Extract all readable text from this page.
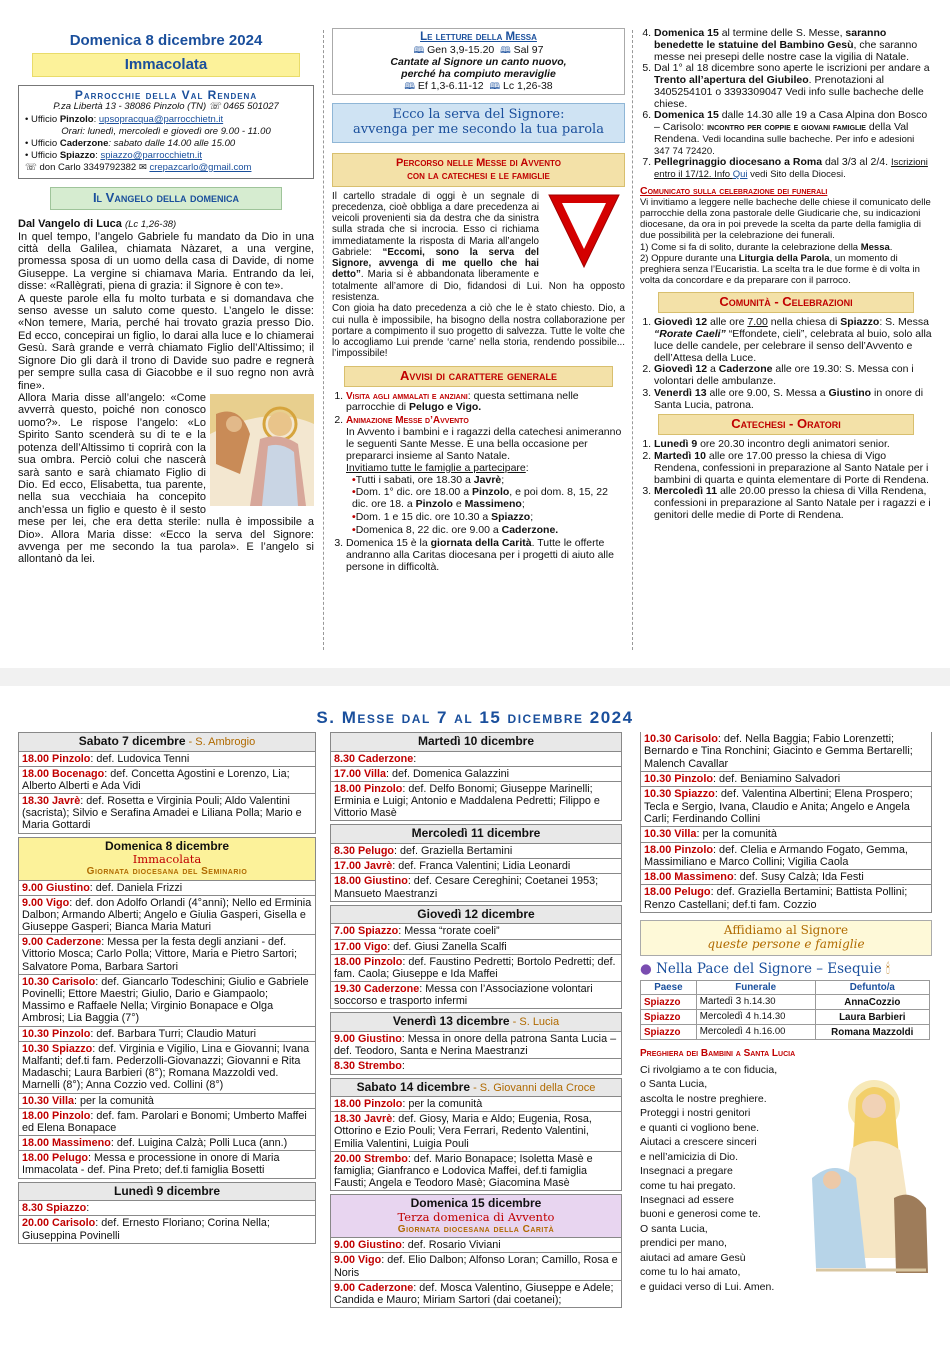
Domenica 8 dicembre 2024
Immacolata
Parrocchie della Val Rendena
P.za Libertà 13 - 38086 Pinzolo (TN) ☏ 0465 501027
• Ufficio Pinzolo: upsopracqua@parrocchietn.it
Orari: lunedì, mercoledì e giovedì ore 9.00 - 11.00
• Ufficio Caderzone: sabato dalle 14.00 alle 15.00
• Ufficio Spiazzo: spiazzo@parrocchietn.it
☏ don Carlo 3349792382 ✉ crepazcarlo@gmail.com
Il Vangelo della domenica
Dal Vangelo di Luca (Lc 1,26-38)

In quel tempo, l’angelo Gabriele fu mandato da Dio in una città della Galilea, chiamata Nàzaret, a una vergine, promessa sposa di un uomo della casa di Davide, di nome Giuseppe. La vergine si chiamava Maria. Entrando da lei, disse: «Rallègrati, piena di grazia: il Signore è con te».

A queste parole ella fu molto turbata e si domandava che senso avesse un saluto come questo. L’angelo le disse: «Non temere, Maria, perché hai trovato grazia presso Dio. Ed ecco, concepirai un figlio, lo darai alla luce e lo chiamerai Gesù. Sarà grande e verrà chiamato Figlio dell’Altissimo; il Signore Dio gli darà il trono di Davide suo padre e regnerà per sempre sulla casa di Giacobbe e il suo regno non avrà fine».

Allora Maria disse all’angelo: «Come avverrà questo, poiché non conosco uomo?». Le rispose l’angelo: «Lo Spirito Santo scenderà su di te e la potenza dell’Altissimo ti coprirà con la sua ombra. Perciò colui che nascerà sarà santo e sarà chiamato Figlio di Dio. Ed ecco, Elisabetta, tua parente, nella sua vecchiaia ha concepito anch’essa un figlio e questo è il sesto mese per lei, che era detta sterile: nulla è impossibile a Dio». Allora Maria disse: «Ecco la serva del Signore: avvenga per me secondo la tua parola». E l’angelo si allontanò da lei.

Le letture della Messa
🕮 Gen 3,9-15.20 🕮 Sal 97
Cantate al Signore un canto nuovo,
perché ha compiuto meraviglie
🕮 Ef 1,3-6.11-12 🕮 Lc 1,26-38
Ecco la serva del Signore:
avvenga per me secondo la tua parola
Percorso nelle Messe di Avvento
con la catechesi e le famiglie
Il cartello stradale di oggi è un segnale di precedenza, cioè obbliga a dare precedenza ai veicoli provenienti sia da destra che da sinistra sulla strada che si incrocia. Esso ci richiama immediatamente la risposta di Maria all’angelo Gabriele: “Eccomi, sono la serva del Signore, avvenga di me quello che hai detto”. Maria si è abbandonata liberamente e totalmente all’amore di Dio, fidandosi di Lui. Non ha opposto resistenza.
Con gioia ha dato precedenza a ciò che le è stato chiesto. Dio, a cui nulla è impossibile, ha bisogno della nostra collaborazione per portare a compimento il suo progetto di salvezza. Tutte le volte che lo accogliamo Lui prende ‘carne’ nella storia, rendendo possibile... l’impossibile!
Avvisi di carattere generale
1. Visita agli ammalati e anziani: questa settimana nelle parrocchie di Pelugo e Vigo.
2. Animazione Messe d’Avvento
In Avvento i bambini e i ragazzi della catechesi animeranno le seguenti Sante Messe. È una bella occasione per prepararci insieme al Santo Natale.
Invitiamo tutte le famiglie a partecipare:
• Tutti i sabati, ore 18.30 a Javrè;
• Dom. 1° dic. ore 18.00 a Pinzolo, e poi dom. 8, 15, 22 dic. ore 18. a Pinzolo e Massimeno;
• Dom. 1 e 15 dic. ore 10.30 a Spiazzo;
• Domenica 8, 22 dic. ore 9.00 a Caderzone.
3. Domenica 15 è la giornata della Carità. Tutte le offerte andranno alla Caritas diocesana per i progetti di aiuto alle persone in difficoltà.
4. Domenica 15 al termine delle S. Messe, saranno benedette le statuine del Bambino Gesù, che saranno messe nei presepi delle nostre case la vigilia di Natale.
5. Dal 1° al 18 dicembre sono aperte le iscrizioni per andare a Trento all’apertura del Giubileo. Prenotazioni al 3405254101 o 3393309047 Vedi info sulle bacheche delle chiese.
6. Domenica 15 dalle 14.30 alle 19 a Casa Alpina don Bosco – Carisolo: incontro per coppie e giovani famiglie della Val Rendena. Vedi locandina sulle bacheche. Per info e adesioni 347 74 72420.
7. Pellegrinaggio diocesano a Roma dal 3/3 al 2/4. Iscrizioni entro il 17/12. Info Qui vedi Sito della Diocesi.
Comunicato sulla celebrazione dei funerali

Vi invitiamo a leggere nelle bacheche delle chiese il comunicato delle parrocchie della zona pastorale delle Giudicarie che, su indicazioni diocesane, da ora in poi prevede la scelta da parte della famiglia di due possibilità per la celebrazione dei funerali.

1) Come si fa di solito, durante la celebrazione della Messa.

2) Oppure durante una Liturgia della Parola, un momento di preghiera senza l’Eucaristia. La scelta tra le due forme è di volta in volta da concordare e da preparare con il parroco.

Comunità - Celebrazioni
1. Giovedì 12 alle ore 7.00 nella chiesa di Spiazzo: S. Messa “Rorate Caeli” “Effondete, cieli”, celebrata al buio, solo alla luce delle candele, per celebrare il senso dell’Avvento e dell’Attesa della Luce.
2. Giovedì 12 a Caderzone alle ore 19.30: S. Messa con i volontari delle ambulanze.
3. Venerdì 13 alle ore 9.00, S. Messa a Giustino in onore di Santa Lucia, patrona.
Catechesi - Oratori
1. Lunedì 9 ore 20.30 incontro degli animatori senior.
2. Martedì 10 alle ore 17.00 presso la chiesa di Vigo Rendena, confessioni in preparazione al Santo Natale per i bambini di quarta e quinta elementare di Porte di Rendena.
3. Mercoledì 11 alle 20.00 presso la chiesa di Villa Rendena, confessioni in preparazione al Santo Natale per i ragazzi e i genitori delle medie di Porte di Rendena.
S. Messe dal 7 al 15 dicembre 2024
Sabato 7 dicembre - S. Ambrogio
18.00 Pinzolo: def. Ludovica Tenni
18.00 Bocenago: def. Concetta Agostini e Lorenzo, Lia; Alberto Alberti e Ada Vidi
18.30 Javrè: def. Rosetta e Virginia Pouli; Aldo Valentini (sacrista); Silvio e Serafina Amadei e Liliana Polla; Mario e Maria Gottardi
Domenica 8 dicembre
Immacolata
Giornata diocesana del Seminario
9.00 Giustino: def. Daniela Frizzi
9.00 Vigo: def. don Adolfo Orlandi (4°anni); Nello ed Erminia Dalbon; Armando Alberti; Angelo e Giulia Gasperi, Gisella e Giuseppe Gasperi; Bianca Maria Maturi
9.00 Caderzone: Messa per la festa degli anziani - def. Vittorio Mosca; Carlo Polla; Vittore, Maria e Pietro Sartori; Salvatore Poma, Barbara Sartori
10.30 Carisolo: def. Giancarlo Todeschini; Giulio e Gabriele Povinelli; Ettore Maestri; Giulio, Dario e Giampaolo; Massimo e Raffaele Nella; Virginio Bonapace e Olga Ambrosi; Lia Baggia (7°)
10.30 Pinzolo: def. Barbara Turri; Claudio Maturi
10.30 Spiazzo: def. Virginia e Vigilio, Lina e Giovanni; Ivana Malfanti; def.ti fam. Pederzolli-Giovanazzi; Giovanni e Rita Madaschi; Laura Barbieri (8°); Romana Mazzoldi ved. Marnelli (8°); Anna Cozzio ved. Collini (8°)
10.30 Villa: per la comunità
18.00 Pinzolo: def. fam. Parolari e Bonomi; Umberto Maffei ed Elena Bonapace
18.00 Massimeno: def. Luigina Calzà; Polli Luca (ann.)
18.00 Pelugo: Messa e processione in onore di Maria Immacolata - def. Pina Preto; def.ti famiglia Bosetti
Lunedì 9 dicembre
8.30 Spiazzo:
20.00 Carisolo: def. Ernesto Floriano; Corina Nella; Giuseppina Povinelli
Martedì 10 dicembre
8.30 Caderzone:
17.00 Villa: def. Domenica Galazzini
18.00 Pinzolo: def. Delfo Bonomi; Giuseppe Marinelli; Erminia e Luigi; Antonio e Maddalena Pedretti; Filippo e Vittorio Masè
Mercoledì 11 dicembre
8.30 Pelugo: def. Graziella Bertamini
17.00 Javrè: def. Franca Valentini; Lidia Leonardi
18.00 Giustino: def. Cesare Cereghini; Coetanei 1953; Mansueto Maestranzi
Giovedì 12 dicembre
7.00 Spiazzo: Messa “rorate coeli”
17.00 Vigo: def. Giusi Zanella Scalfi
18.00 Pinzolo: def. Faustino Pedretti; Bortolo Pedretti; def. fam. Caola; Giuseppe e Ida Maffei
19.30 Caderzone: Messa con l’Associazione volontari soccorso e trasporto infermi
Venerdì 13 dicembre - S. Lucia
9.00 Giustino: Messa in onore della patrona Santa Lucia – def. Teodoro, Santa e Nerina Maestranzi
8.30 Strembo:
Sabato 14 dicembre - S. Giovanni della Croce
18.00 Pinzolo: per la comunità
18.30 Javrè: def. Giosy, Maria e Aldo; Eugenia, Rosa, Ottorino e Ezio Pouli; Vera Ferrari, Redento Valentini, Emilia Valentini, Luigia Pouli
20.00 Strembo: def. Mario Bonapace; Isoletta Masè e famiglia; Gianfranco e Lodovica Maffei, def.ti famiglia Fausti; Angela e Teodoro Masè; Giacomina Masè
Domenica 15 dicembre
Terza domenica di Avvento
Giornata diocesana della Carità
9.00 Giustino: def. Rosario Viviani
9.00 Vigo: def. Elio Dalbon; Alfonso Loran; Camillo, Rosa e Noris
9.00 Caderzone: def. Mosca Valentino, Giuseppe e Adele; Candida e Mauro; Miriam Sartori (dai coetanei);
10.30 Carisolo: def. Nella Baggia; Fabio Lorenzetti; Bernardo e Tina Ronchini; Giacinto e Gemma Bertarelli; Malench Cavallar
10.30 Pinzolo: def. Beniamino Salvadori
10.30 Spiazzo: def. Valentina Albertini; Elena Prospero; Tecla e Sergio, Ivana, Claudio e Anita; Angelo e Angela Carli; Ferdinando Collini
10.30 Villa: per la comunità
18.00 Pinzolo: def. Clelia e Armando Fogato, Gemma, Massimiliano e Marco Collini; Vigilia Caola
18.00 Massimeno: def. Susy Calzà; Ida Festi
18.00 Pelugo: def. Graziella Bertamini; Battista Pollini; Renzo Castellani; def.ti fam. Cozzio
Affidiamo al Signore
queste persone e famiglie
● Nella Pace del Signore – Esequie 🕯
Paese	Funerale	Defunto/a
Spiazzo	Martedì 3 h.14.30	AnnaCozzio
Spiazzo	Mercoledì 4 h.14.30	Laura Barbieri
Spiazzo	Mercoledì 4 h.16.00	Romana Mazzoldi
Preghiera dei Bambini a Santa Lucia
Ci rivolgiamo a te con fiducia,
o Santa Lucia,
ascolta le nostre preghiere.
Proteggi i nostri genitori
e quanti ci vogliono bene.
Aiutaci a crescere sinceri
e nell’amicizia di Dio.
Insegnaci a pregare
come tu hai pregato.
Insegnaci ad essere
buoni e generosi come te.
O santa Lucia,
prendici per mano,
aiutaci ad amare Gesù
come tu lo hai amato,
e guidaci verso di Lui. Amen.
